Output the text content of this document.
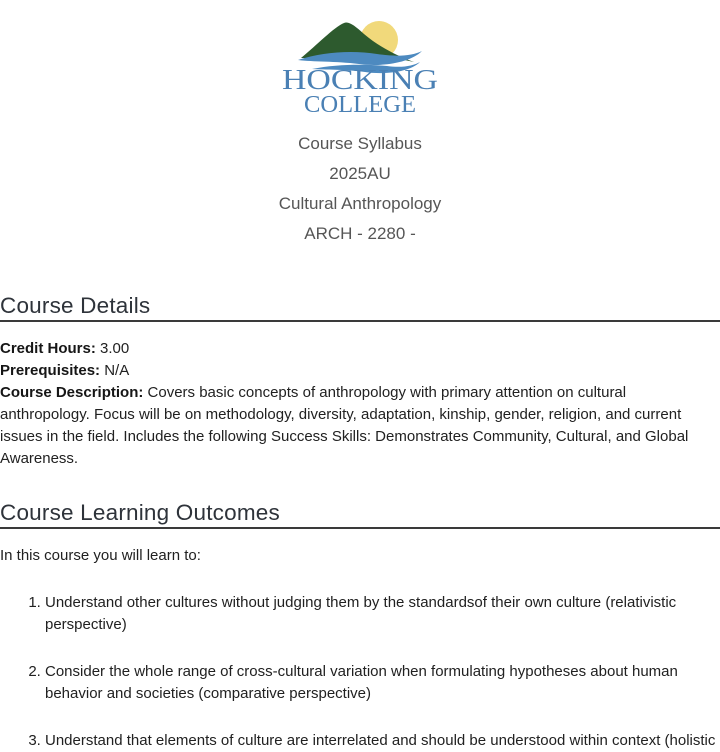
HOCKING
COLLEGE

Course Syllabus

2025AU

Cultural Anthropology

ARCH - 2280 -

Course Details

Credit Hours: 3.00

Prerequisites: N/A

Course Description: Covers basic concepts of anthropology with primary attention on cultural anthropology. Focus will be on methodology, diversity, adaptation, kinship, gender, religion, and current issues in the field. Includes the following Success Skills: Demonstrates Community, Cultural, and Global Awareness.

Course Learning Outcomes

In this course you will learn to:

1. Understand other cultures without judging them by the standardsof their own culture (relativistic perspective)

2. Consider the whole range of cross-cultural variation when formulating hypotheses about human behavior and societies (comparative perspective)

3. Understand that elements of culture are interrelated and should be understood within context (holistic
